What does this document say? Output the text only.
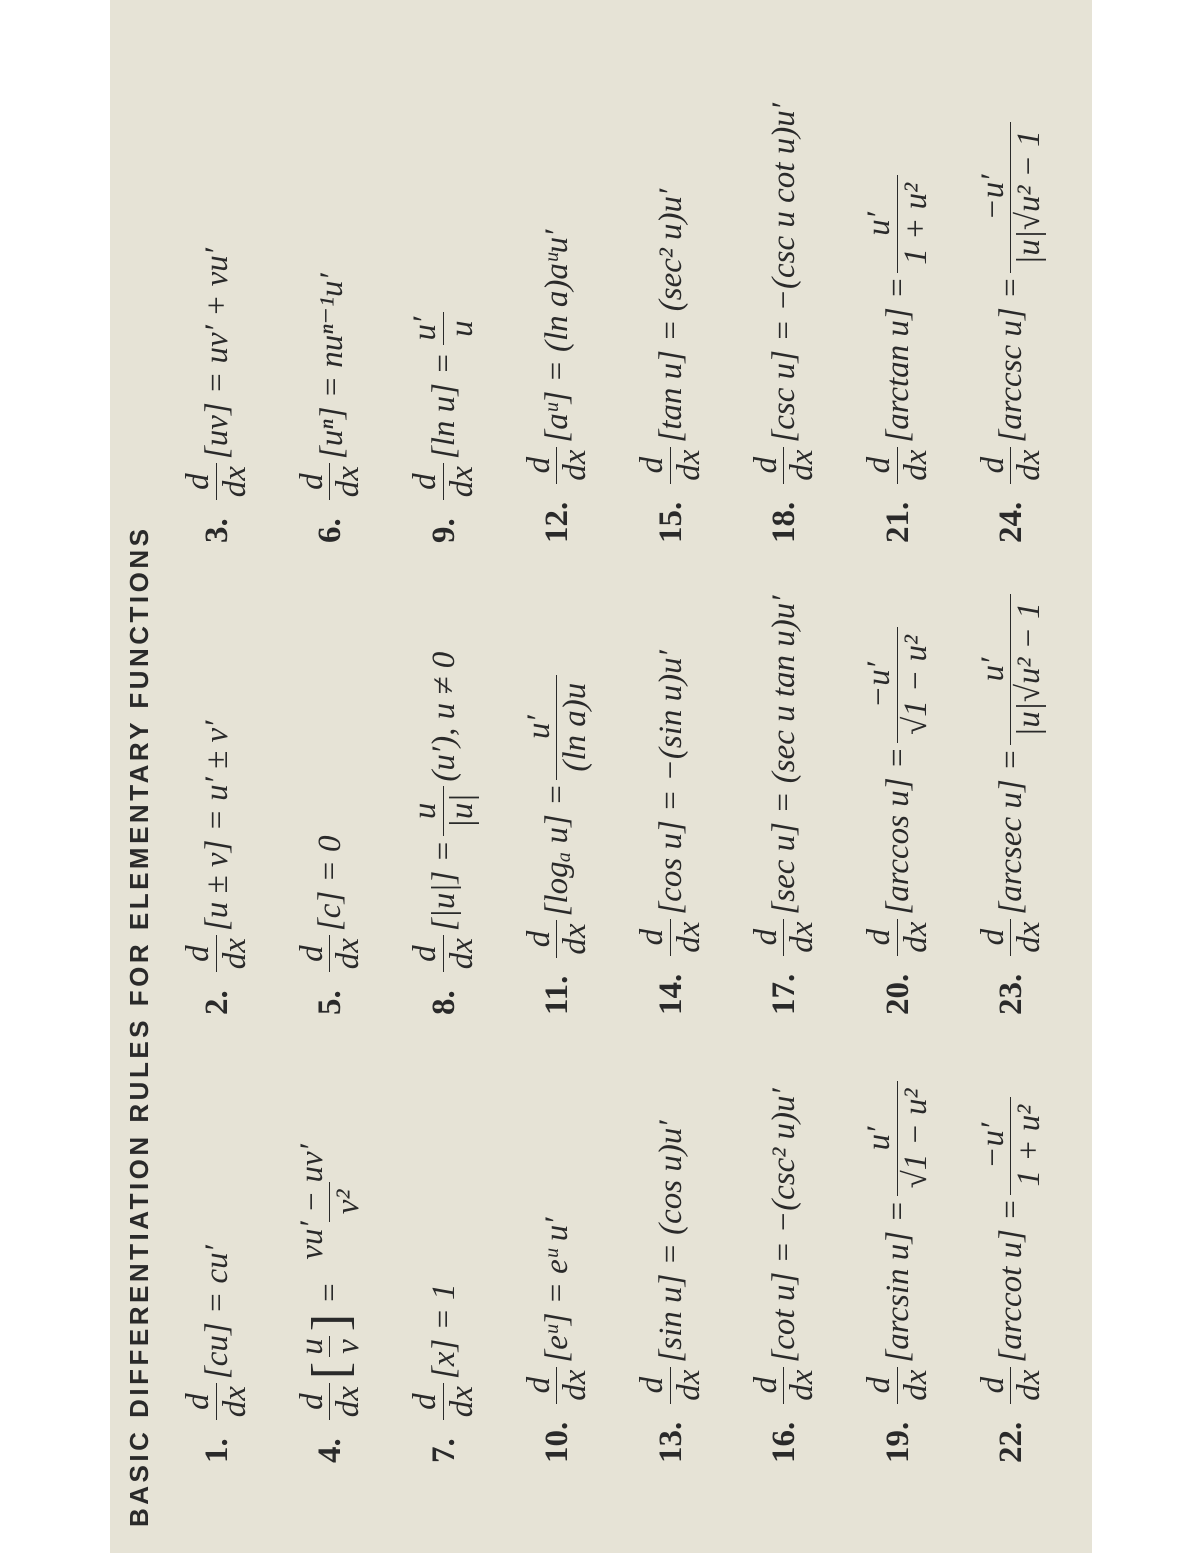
BASIC DIFFERENTIATION RULES FOR ELEMENTARY FUNCTIONS 1.
d dx
[cu] = cu′
2.
d dx
[u ± v] = u′ ± v′
3.
d dx
[uv] = uv′ + vu′
4.
d dx
[
u v
]
=
vu′ − uv′ v²
5.
d dx
[c] = 0
6.
d dx
[uⁿ] = nuⁿ⁻¹u′
7.
d dx
[x] = 1
8.
d dx
[|u|] =
u |u|
(u′), u ≠ 0
9.
d dx
[ln u] =
u′ u
10.
d dx
[eᵘ] = eᵘ u′
11.
d dx
[logₐ u] =
u′ (ln a)u
12.
d dx
[aᵘ] = (ln a)aᵘu′
13.
d dx
[sin u] = (cos u)u′
14.
d dx
[cos u] = −(sin u)u′
15.
d dx
[tan u] = (sec² u)u′
16.
d dx
[cot u] = −(csc² u)u′
17.
d dx
[sec u] = (sec u tan u)u′
18.
d dx
[csc u] = −(csc u cot u)u′
19.
d dx
[arcsin u] =
u′ √1 − u²
20.
d dx
[arccos u] =
−u′ √1 − u²
21.
d dx
[arctan u] =
u′ 1 + u²
22.
d dx
[arccot u] =
−u′ 1 + u²
23.
d dx
[arcsec u] =
u′ |u|√u² − 1
24.
d dx
[arccsc u] =
−u′ |u|√u² − 1
